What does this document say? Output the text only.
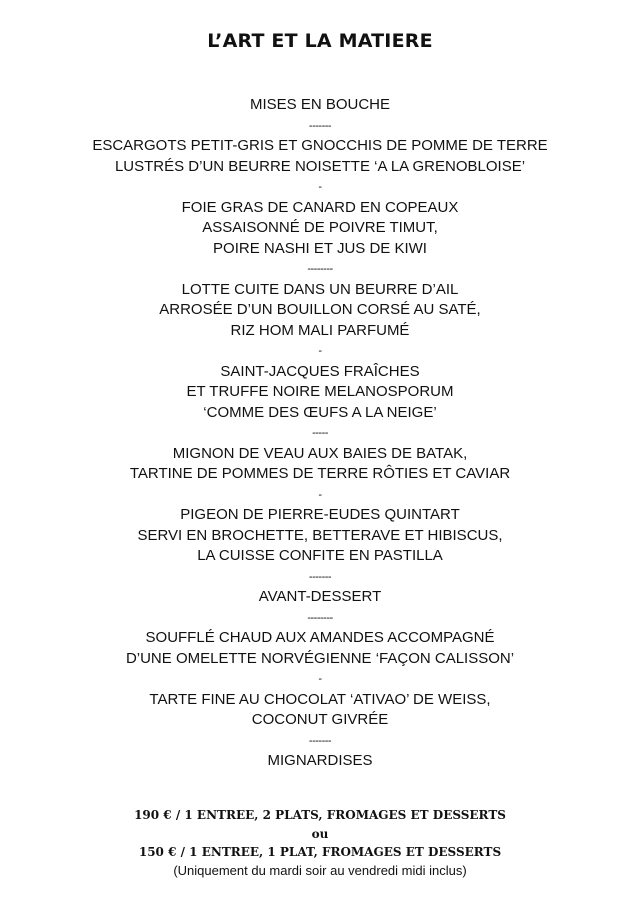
L’ART ET LA MATIERE
MISES EN BOUCHE
-------
ESCARGOTS PETIT-GRIS ET GNOCCHIS DE POMME DE TERRE
LUSTRÉS D’UN BEURRE NOISETTE ‘A LA GRENOBLOISE’
-
FOIE GRAS DE CANARD EN COPEAUX
ASSAISONNÉ DE POIVRE TIMUT,
POIRE NASHI ET JUS DE KIWI
--------
LOTTE CUITE DANS UN BEURRE D’AIL
ARROSÉE D’UN BOUILLON CORSÉ AU SATÉ,
RIZ HOM MALI PARFUMÉ
-
SAINT-JACQUES FRAÎCHES
ET TRUFFE NOIRE MELANOSPORUM
‘COMME DES ŒUFS A LA NEIGE’
-----
MIGNON DE VEAU AUX BAIES DE BATAK,
TARTINE DE POMMES DE TERRE RÔTIES ET CAVIAR
-
PIGEON DE PIERRE-EUDES QUINTART
SERVI EN BROCHETTE, BETTERAVE ET HIBISCUS,
LA CUISSE CONFITE EN PASTILLA
-------
AVANT-DESSERT
--------
SOUFFLÉ CHAUD AUX AMANDES ACCOMPAGNÉ
D’UNE OMELETTE NORVÉGIENNE ‘FAÇON CALISSON’
-
TARTE FINE AU CHOCOLAT ‘ATIVAO’ DE WEISS,
COCONUT GIVRÉE
-------
MIGNARDISES
190 € / 1 ENTREE, 2 PLATS, FROMAGES ET DESSERTS
ou
150 € / 1 ENTREE, 1 PLAT, FROMAGES ET DESSERTS
(Uniquement du mardi soir au vendredi midi inclus)
